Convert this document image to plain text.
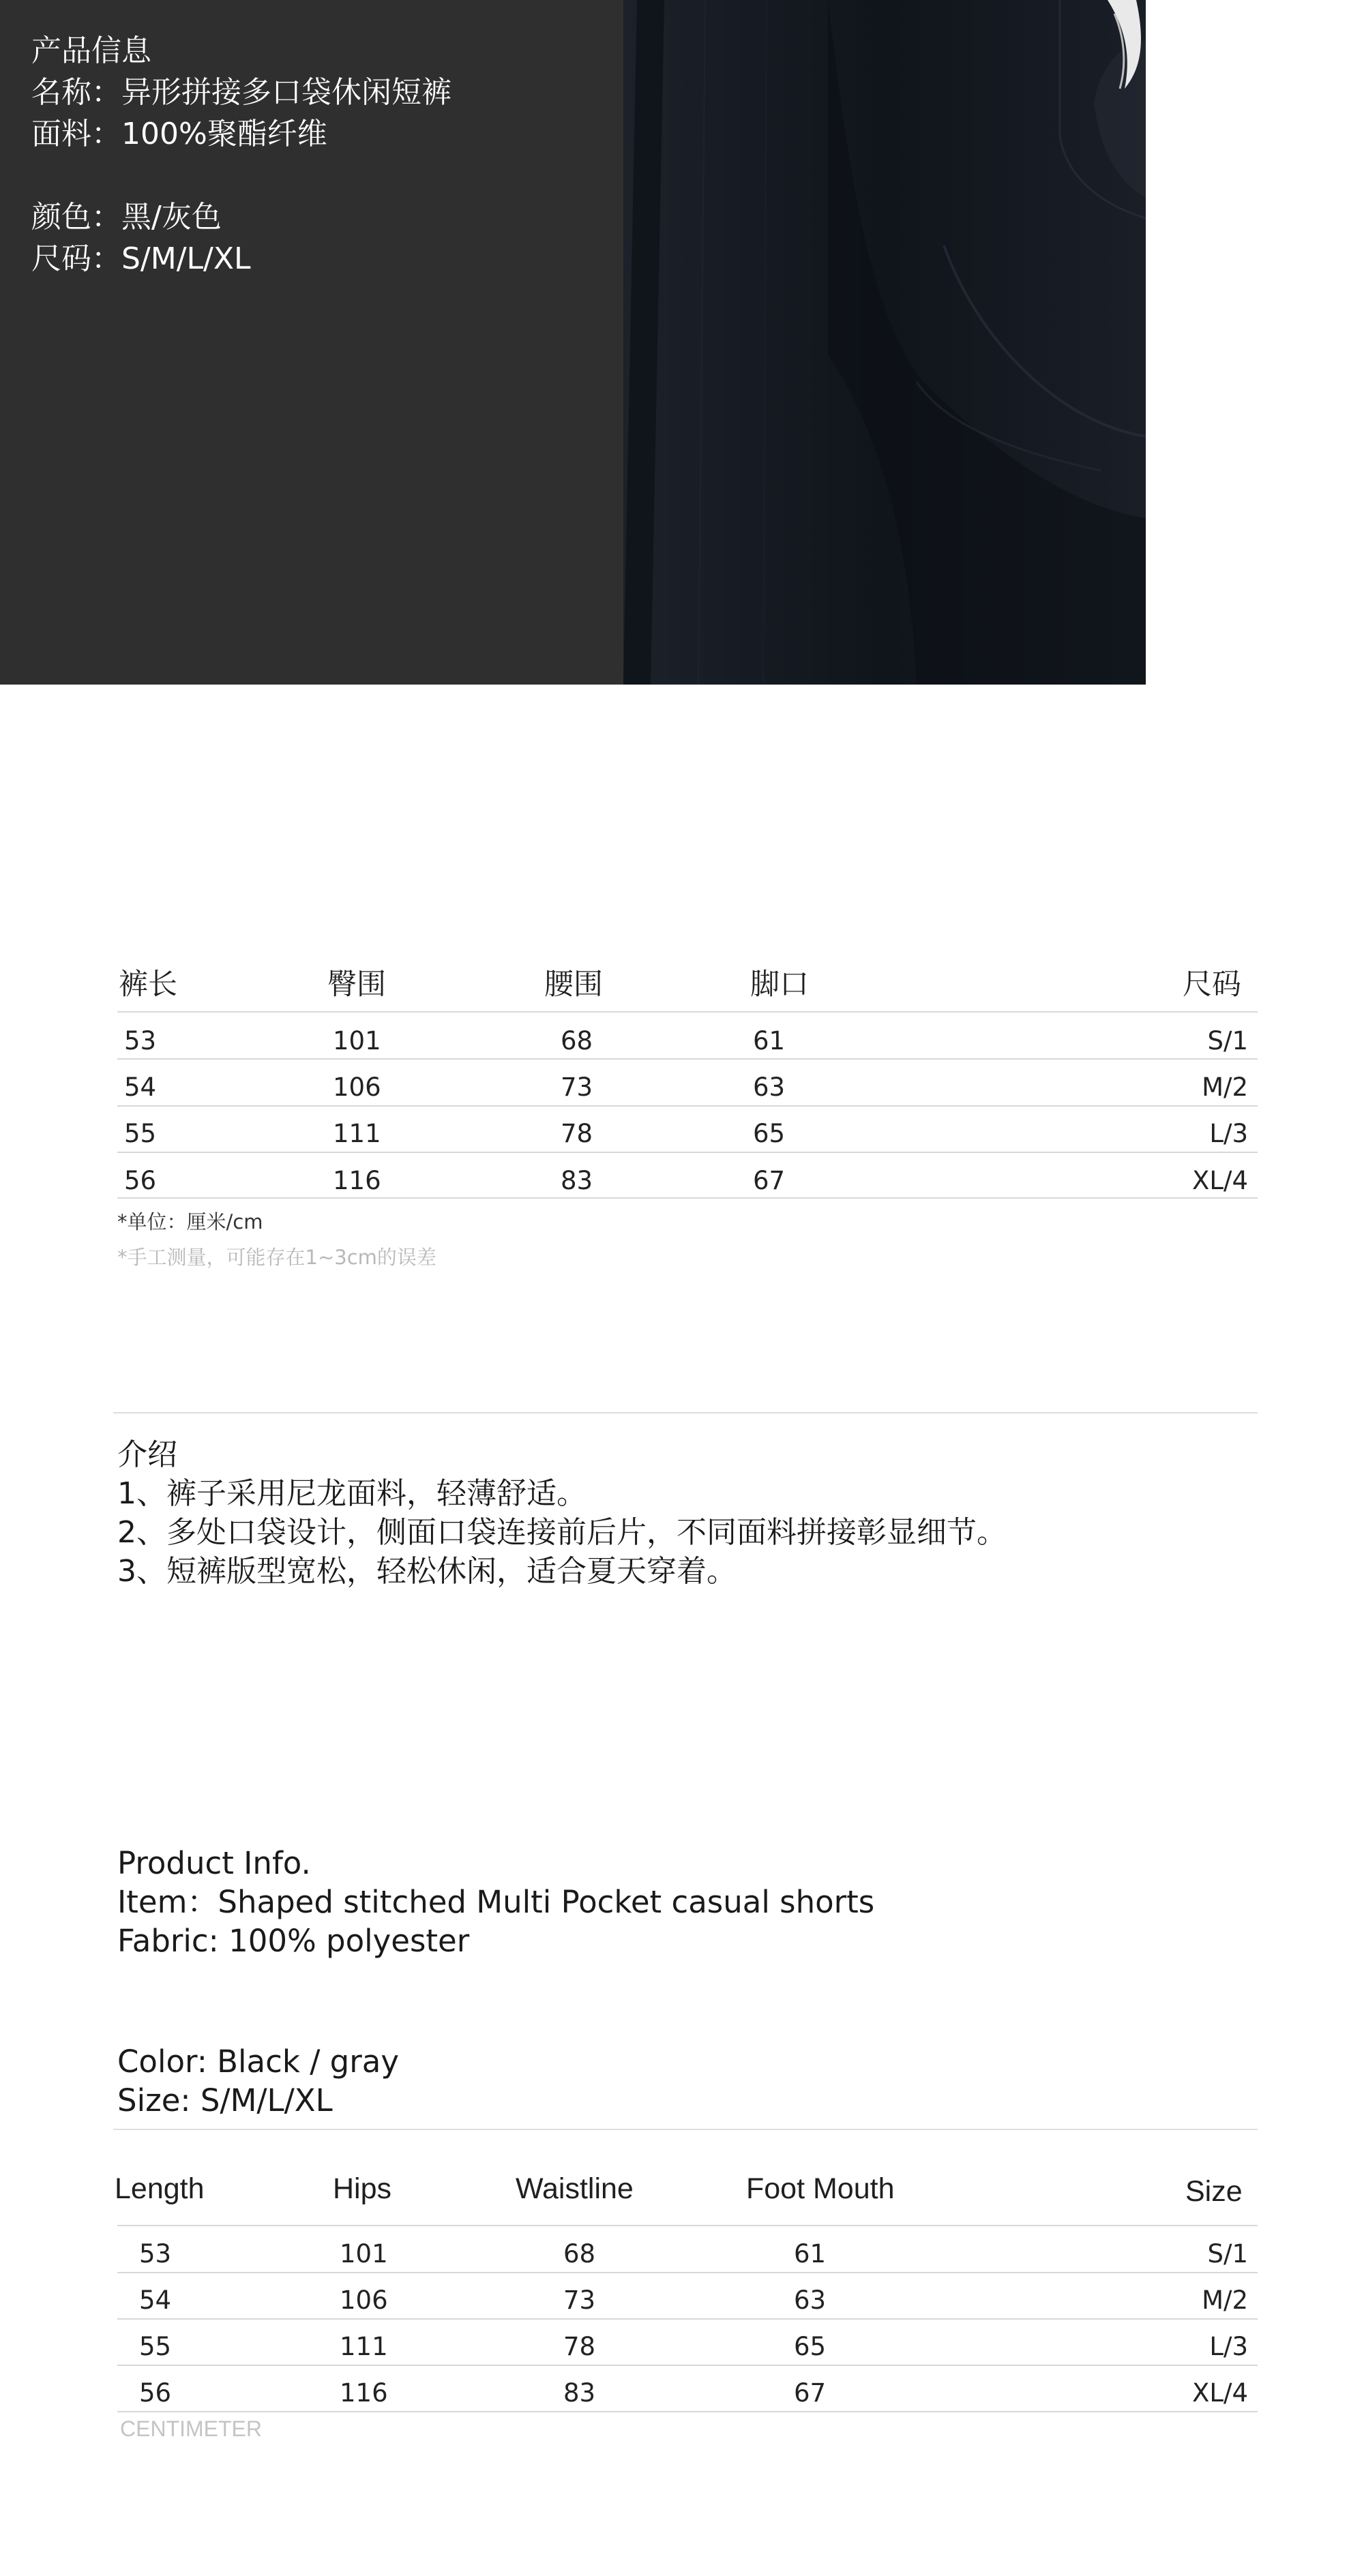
产品信息
名称：异形拼接多口袋休闲短裤
面料：100%聚酯纤维
颜色：黑/灰色
尺码：S/M/L/XL
裤长	臀围	腰围	脚口	尺码
53	101	68	61	S/1
54	106	73	63	M/2
55	111	78	65	L/3
56	116	83	67	XL/4
*单位：厘米/cm
*手工测量，可能存在1~3cm的误差
介绍
1、裤子采用尼龙面料，轻薄舒适。
2、多处口袋设计，侧面口袋连接前后片，不同面料拼接彰显细节。
3、短裤版型宽松，轻松休闲，适合夏天穿着。
Product Info.
Item：Shaped stitched Multi Pocket casual shorts
Fabric: 100% polyester
Color: Black / gray
Size: S/M/L/XL
Length	Hips	Waistline	Foot Mouth	Size
53	101	68	61	S/1
54	106	73	63	M/2
55	111	78	65	L/3
56	116	83	67	XL/4
CENTIMETER
